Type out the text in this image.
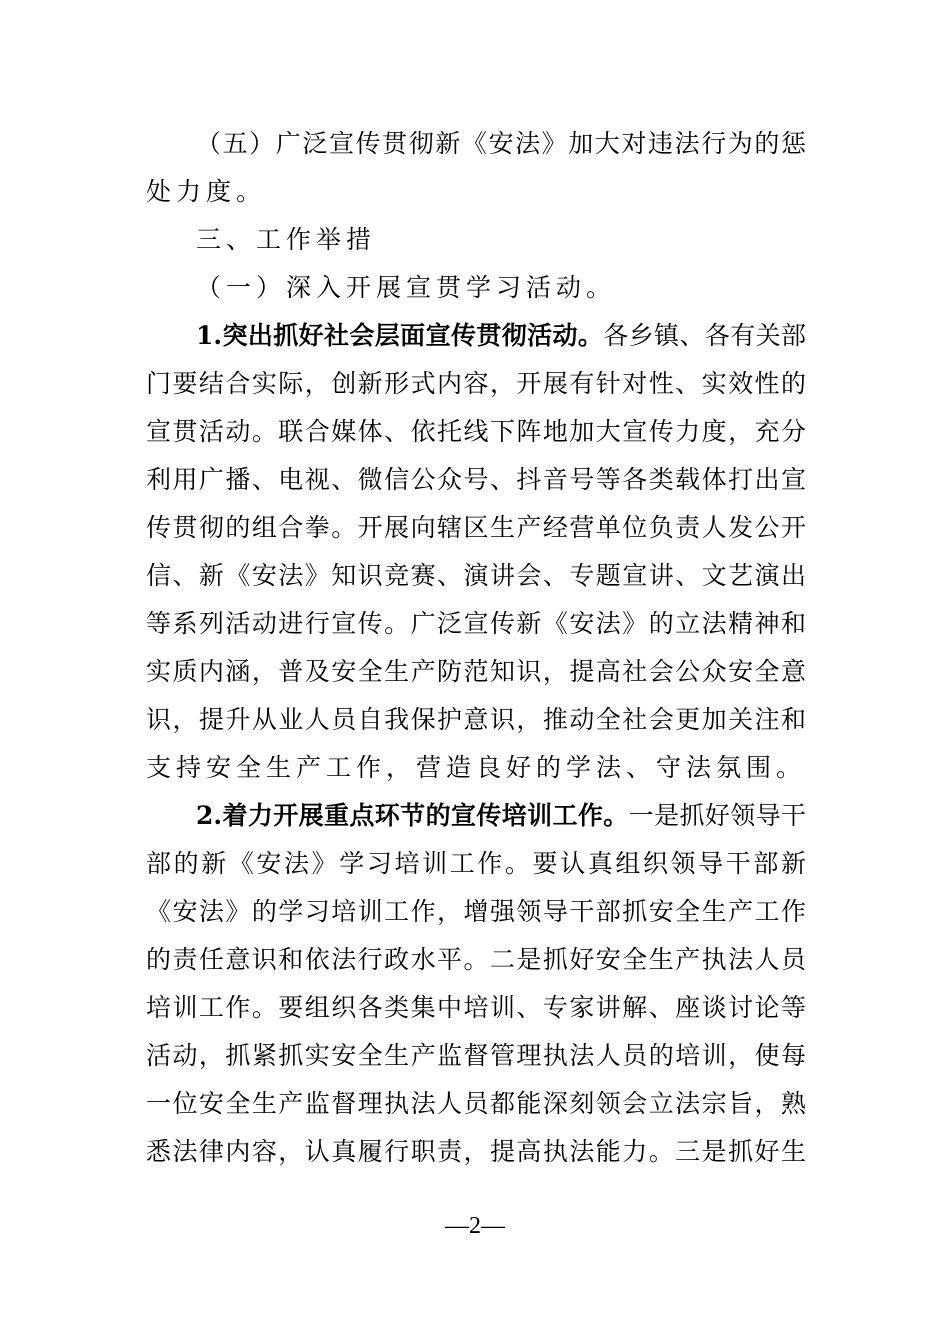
（五）广泛宣传贯彻新《安法》加大对违法行为的惩
处力度。
三、工作举措
（一）深入开展宣贯学习活动。
1.突出抓好社会层面宣传贯彻活动。各乡镇、各有关部
门要结合实际，创新形式内容，开展有针对性、实效性的
宣贯活动。联合媒体、依托线下阵地加大宣传力度，充分
利用广播、电视、微信公众号、抖音号等各类载体打出宣
传贯彻的组合拳。开展向辖区生产经营单位负责人发公开
信、新《安法》知识竞赛、演讲会、专题宣讲、文艺演出
等系列活动进行宣传。广泛宣传新《安法》的立法精神和
实质内涵，普及安全生产防范知识，提高社会公众安全意
识，提升从业人员自我保护意识，推动全社会更加关注和
支持安全生产工作，营造良好的学法、守法氛围。
2.着力开展重点环节的宣传培训工作。一是抓好领导干
部的新《安法》学习培训工作。要认真组织领导干部新
《安法》的学习培训工作，增强领导干部抓安全生产工作
的责任意识和依法行政水平。二是抓好安全生产执法人员
培训工作。要组织各类集中培训、专家讲解、座谈讨论等
活动，抓紧抓实安全生产监督管理执法人员的培训，使每
一位安全生产监督理执法人员都能深刻领会立法宗旨，熟
悉法律内容，认真履行职责，提高执法能力。三是抓好生
—2—
